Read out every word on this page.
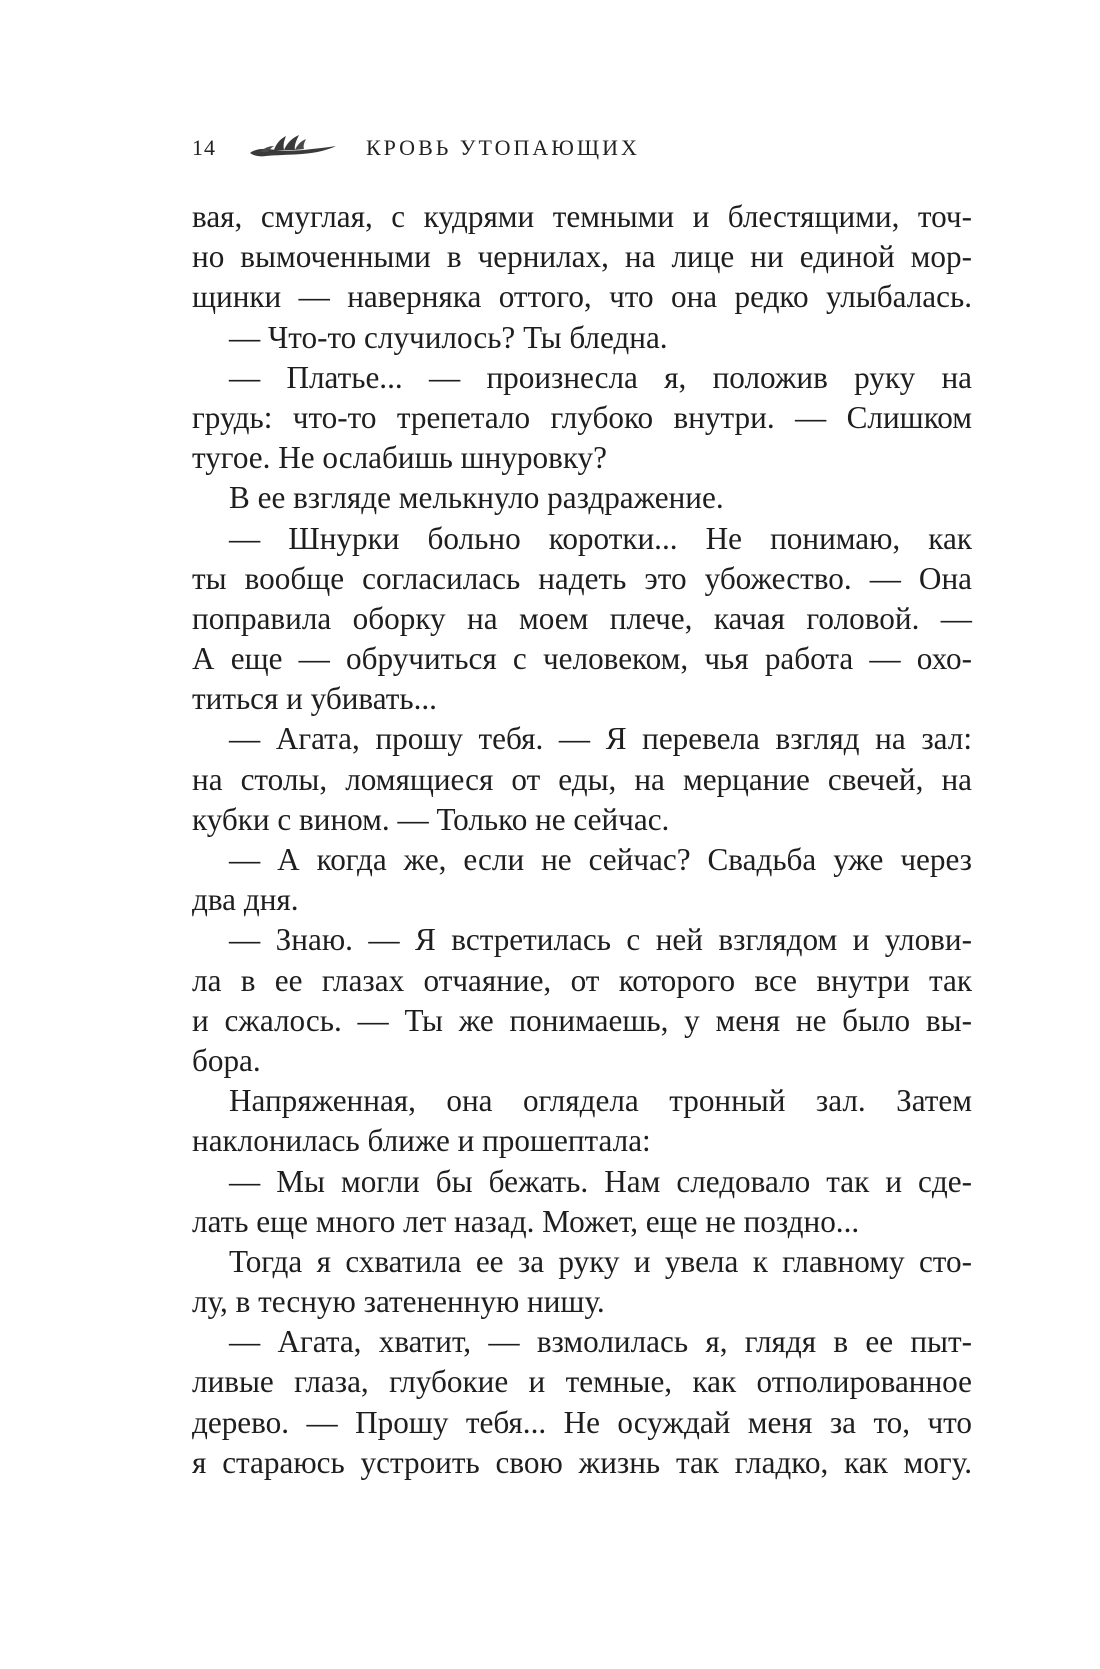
14	КРОВЬ УТОПАЮЩИХ
вая, смуглая, с кудрями темными и блестящими, точ-
но вымоченными в чернилах, на лице ни единой мор-
щинки — наверняка оттого, что она редко улыбалась.
— Что-то случилось? Ты бледна.
— Платье... — произнесла я, положив руку на
грудь: что-то трепетало глубоко внутри. — Слишком
тугое. Не ослабишь шнуровку?
В ее взгляде мелькнуло раздражение.
— Шнурки больно коротки... Не понимаю, как
ты вообще согласилась надеть это убожество. — Она
поправила оборку на моем плече, качая головой. —
А еще — обручиться с человеком, чья работа — охо-
титься и убивать...
— Агата, прошу тебя. — Я перевела взгляд на зал:
на столы, ломящиеся от еды, на мерцание свечей, на
кубки с вином. — Только не сейчас.
— А когда же, если не сейчас? Свадьба уже через
два дня.
— Знаю. — Я встретилась с ней взглядом и улови-
ла в ее глазах отчаяние, от которого все внутри так
и сжалось. — Ты же понимаешь, у меня не было вы-
бора.
Напряженная, она оглядела тронный зал. Затем
наклонилась ближе и прошептала:
— Мы могли бы бежать. Нам следовало так и сде-
лать еще много лет назад. Может, еще не поздно...
Тогда я схватила ее за руку и увела к главному сто-
лу, в тесную затененную нишу.
— Агата, хватит, — взмолилась я, глядя в ее пыт-
ливые глаза, глубокие и темные, как отполированное
дерево. — Прошу тебя... Не осуждай меня за то, что
я стараюсь устроить свою жизнь так гладко, как могу.
